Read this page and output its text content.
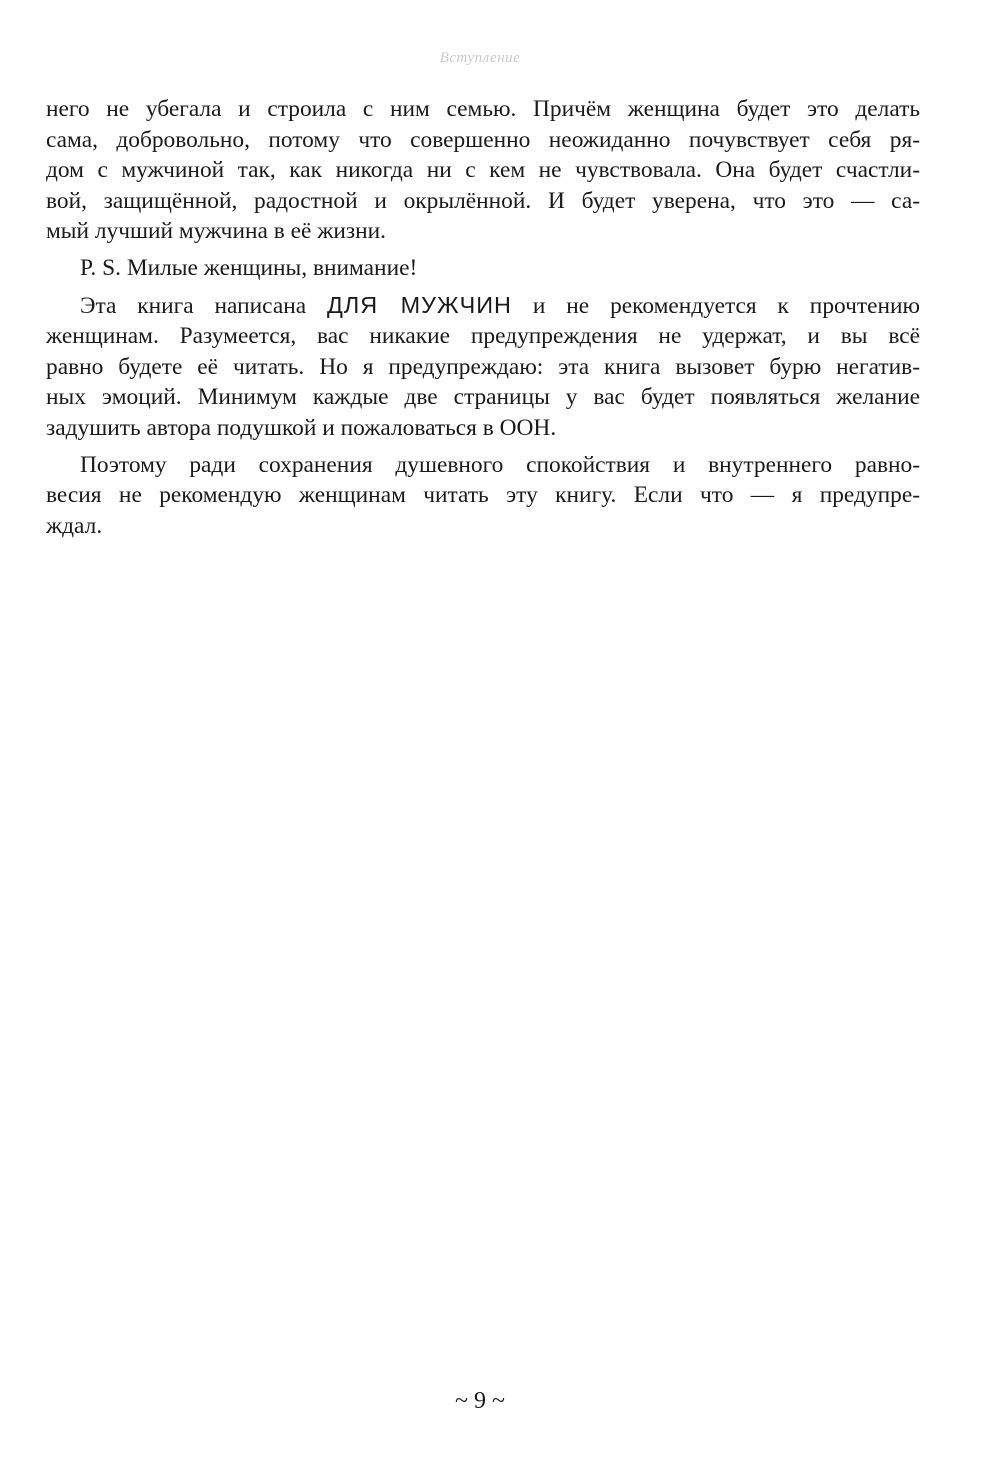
Вступление
него не убегала и строила с ним семью. Причём женщина будет это делать
сама, добровольно, потому что совершенно неожиданно почувствует себя ря-
дом с мужчиной так, как никогда ни с кем не чувствовала. Она будет счастли-
вой, защищённой, радостной и окрылённой. И будет уверена, что это — са-
мый лучший мужчина в её жизни.
P. S. Милые женщины, внимание!
Эта книга написана ДЛЯ МУЖЧИН и не рекомендуется к прочтению
женщинам. Разумеется, вас никакие предупреждения не удержат, и вы всё
равно будете её читать. Но я предупреждаю: эта книга вызовет бурю негатив-
ных эмоций. Минимум каждые две страницы у вас будет появляться желание
задушить автора подушкой и пожаловаться в ООН.
Поэтому ради сохранения душевного спокойствия и внутреннего равно-
весия не рекомендую женщинам читать эту книгу. Если что — я предупре-
ждал.
~ 9 ~
